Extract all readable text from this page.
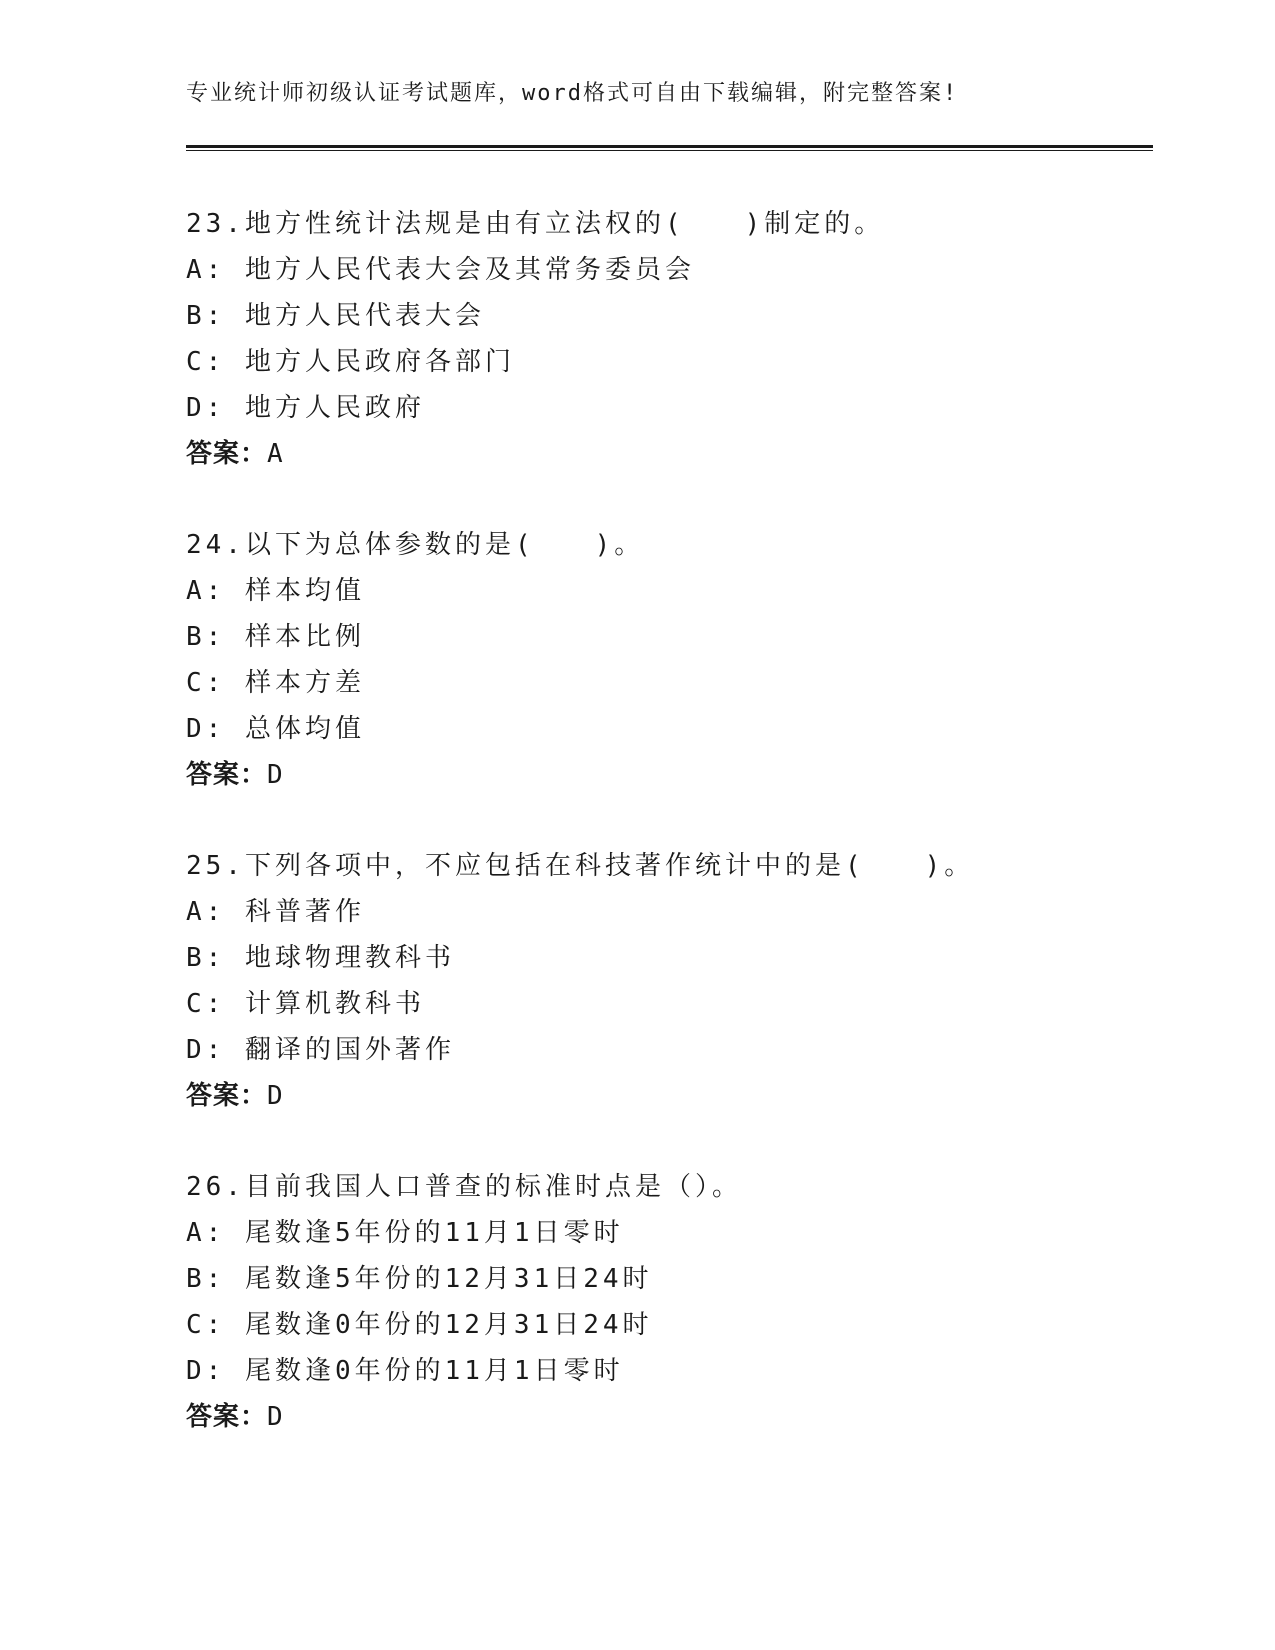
专业统计师初级认证考试题库，word格式可自由下载编辑，附完整答案!
23.地方性统计法规是由有立法权的(　　)制定的。
A: 地方人民代表大会及其常务委员会
B: 地方人民代表大会
C: 地方人民政府各部门
D: 地方人民政府
答案：A
24.以下为总体参数的是(　　)。
A: 样本均值
B: 样本比例
C: 样本方差
D: 总体均值
答案：D
25.下列各项中，不应包括在科技著作统计中的是(　　)。
A: 科普著作
B: 地球物理教科书
C: 计算机教科书
D: 翻译的国外著作
答案：D
26.目前我国人口普查的标准时点是（）。
A: 尾数逢5年份的11月1日零时
B: 尾数逢5年份的12月31日24时
C: 尾数逢0年份的12月31日24时
D: 尾数逢0年份的11月1日零时
答案：D
